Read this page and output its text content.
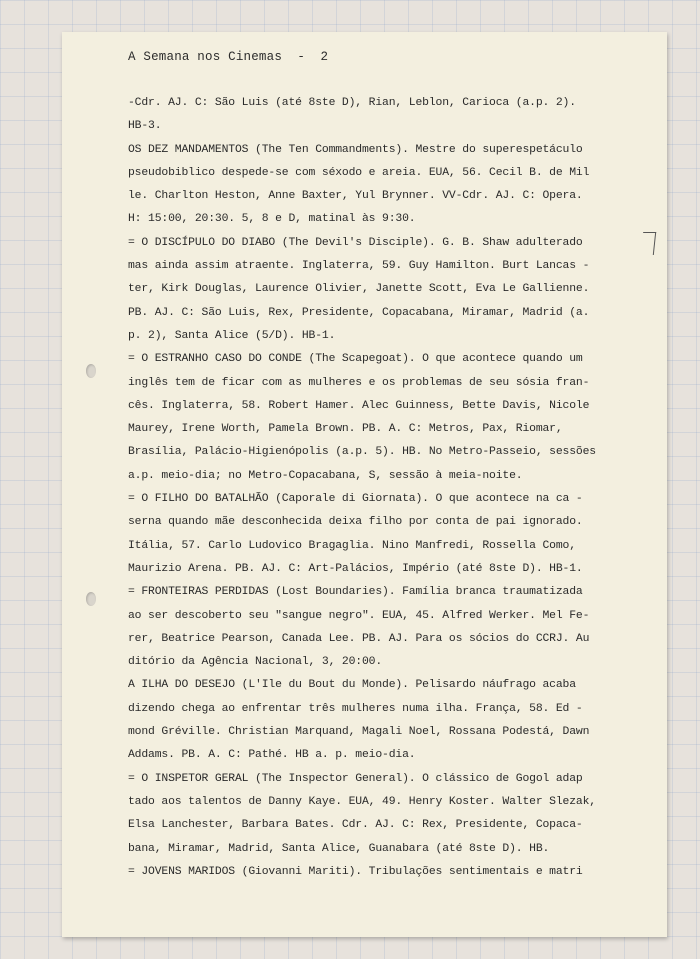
A Semana nos Cinemas  -  2
-Cdr. AJ. C: São Luis (até 8ste D), Rian, Leblon, Carioca (a.p. 2).
HB-3.
OS DEZ MANDAMENTOS (The Ten Commandments). Mestre do superespetáculo
pseudobiblico despede-se com séxodo e areia. EUA, 56. Cecil B. de Mil
le. Charlton Heston, Anne Baxter, Yul Brynner. VV-Cdr. AJ. C: Opera.
H: 15:00, 20:30. 5, 8 e D, matinal às 9:30.
= O DISCÍPULO DO DIABO (The Devil's Disciple). G. B. Shaw adulterado
mas ainda assim atraente. Inglaterra, 59. Guy Hamilton. Burt Lancas -
ter, Kirk Douglas, Laurence Olivier, Janette Scott, Eva Le Gallienne.
PB. AJ. C: São Luis, Rex, Presidente, Copacabana, Miramar, Madrid (a.
p. 2), Santa Alice (5/D). HB-1.
= O ESTRANHO CASO DO CONDE (The Scapegoat). O que acontece quando um
inglês tem de ficar com as mulheres e os problemas de seu sósia fran-
cês. Inglaterra, 58. Robert Hamer. Alec Guinness, Bette Davis, Nicole
Maurey, Irene Worth, Pamela Brown. PB. A. C: Metros, Pax, Riomar,
Brasília, Palácio-Higienópolis (a.p. 5). HB. No Metro-Passeio, sessões
a.p. meio-dia; no Metro-Copacabana, S, sessão à meia-noite.
= O FILHO DO BATALHÃO (Caporale di Giornata). O que acontece na ca -
serna quando mãe desconhecida deixa filho por conta de pai ignorado.
Itália, 57. Carlo Ludovico Bragaglia. Nino Manfredi, Rossella Como,
Maurizio Arena. PB. AJ. C: Art-Palácios, Império (até 8ste D). HB-1.
= FRONTEIRAS PERDIDAS (Lost Boundaries). Família branca traumatizada
ao ser descoberto seu "sangue negro". EUA, 45. Alfred Werker. Mel Fe-
rer, Beatrice Pearson, Canada Lee. PB. AJ. Para os sócios do CCRJ. Au
ditório da Agência Nacional, 3, 20:00.
A ILHA DO DESEJO (L'Ile du Bout du Monde). Pelisardo náufrago acaba
dizendo chega ao enfrentar três mulheres numa ilha. França, 58. Ed -
mond Gréville. Christian Marquand, Magali Noel, Rossana Podestá, Dawn
Addams. PB. A. C: Pathé. HB a. p. meio-dia.
= O INSPETOR GERAL (The Inspector General). O clássico de Gogol adap
tado aos talentos de Danny Kaye. EUA, 49. Henry Koster. Walter Slezak,
Elsa Lanchester, Barbara Bates. Cdr. AJ. C: Rex, Presidente, Copaca-
bana, Miramar, Madrid, Santa Alice, Guanabara (até 8ste D). HB.
= JOVENS MARIDOS (Giovanni Mariti). Tribulações sentimentais e matri
